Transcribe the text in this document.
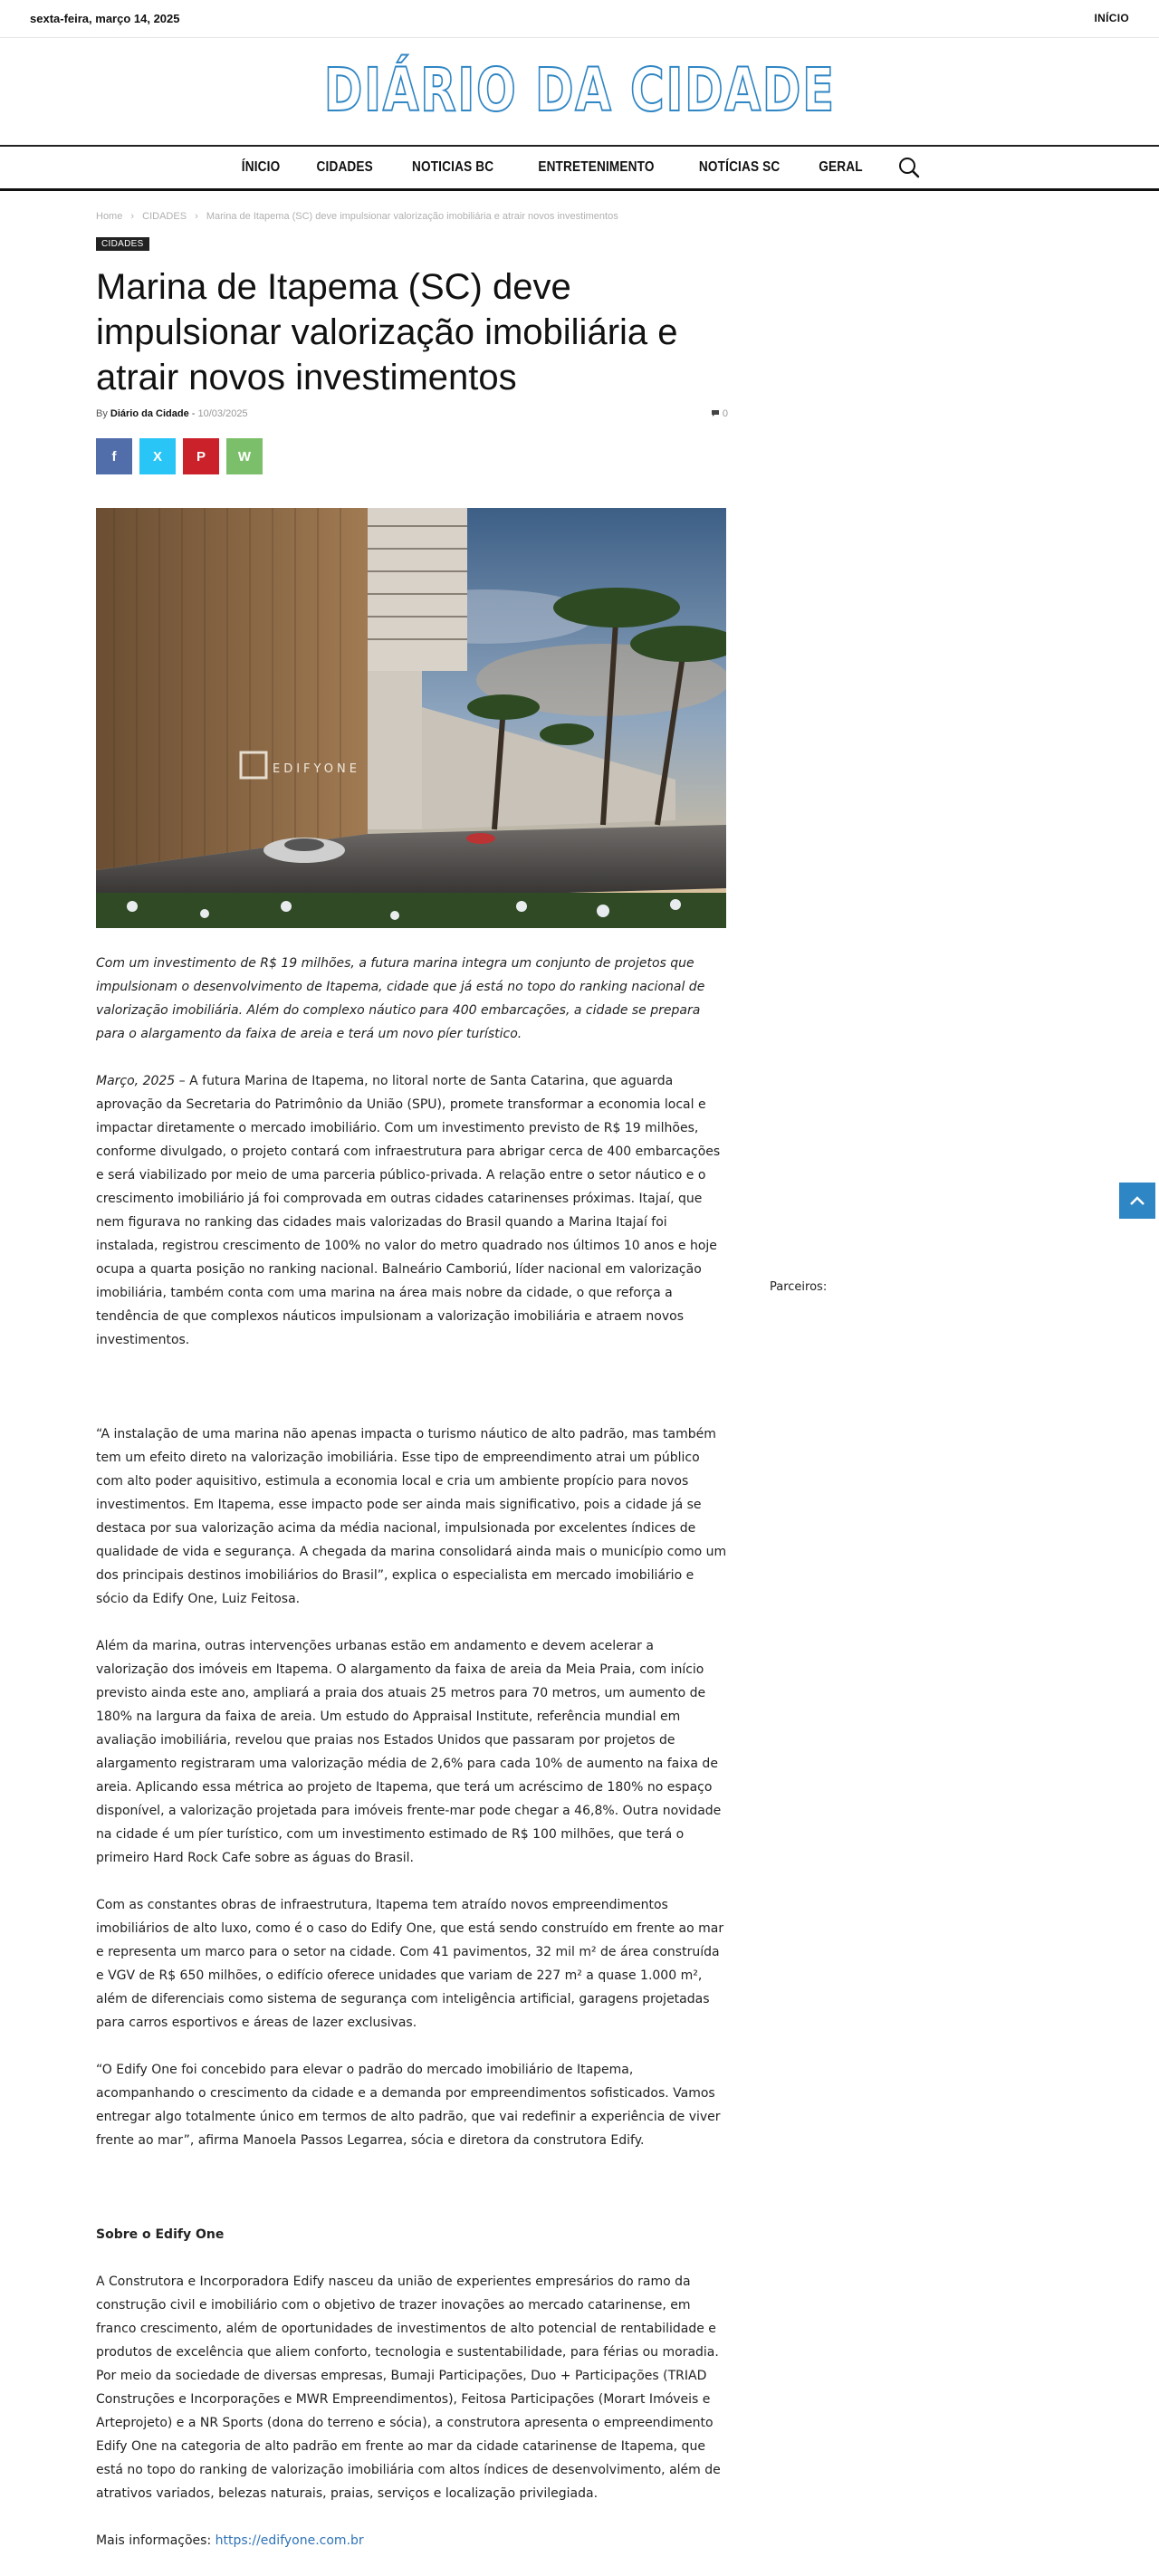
sexta-feira, março 14, 2025	INÍCIO
DIÁRIO DA CIDADE
ÍNICIO CIDADES	NOTICIAS BC	ENTRETENIMENTO	NOTÍCIAS SC	GERAL
Home › CIDADES › Marina de Itapema (SC) deve impulsionar valorização imobiliária e atrair novos investimentos
CIDADES
Marina de Itapema (SC) deve impulsionar valorização imobiliária e atrair novos investimentos
By Diário da Cidade - 10/03/2025	0
f	X	P W
EDIFYONE

Com um investimento de R$ 19 milhões, a futura marina integra um conjunto de projetos que impulsionam o desenvolvimento de Itapema, cidade que já está no topo do ranking nacional de valorização imobiliária. Além do complexo náutico para 400 embarcações, a cidade se prepara para o alargamento da faixa de areia e terá um novo píer turístico.

Março, 2025 – A futura Marina de Itapema, no litoral norte de Santa Catarina, que aguarda aprovação da Secretaria do Patrimônio da União (SPU), promete transformar a economia local e impactar diretamente o mercado imobiliário. Com um investimento previsto de R$ 19 milhões, conforme divulgado, o projeto contará com infraestrutura para abrigar cerca de 400 embarcações e será viabilizado por meio de uma parceria público-privada. A relação entre o setor náutico e o crescimento imobiliário já foi comprovada em outras cidades catarinenses próximas. Itajaí, que nem figurava no ranking das cidades mais valorizadas do Brasil quando a Marina Itajaí foi instalada, registrou crescimento de 100% no valor do metro quadrado nos últimos 10 anos e hoje ocupa a quarta posição no ranking nacional. Balneário Camboriú, líder nacional em valorização imobiliária, também conta com uma marina na área mais nobre da cidade, o que reforça a tendência de que complexos náuticos impulsionam a valorização imobiliária e atraem novos investimentos.

“A instalação de uma marina não apenas impacta o turismo náutico de alto padrão, mas também tem um efeito direto na valorização imobiliária. Esse tipo de empreendimento atrai um público com alto poder aquisitivo, estimula a economia local e cria um ambiente propício para novos investimentos. Em Itapema, esse impacto pode ser ainda mais significativo, pois a cidade já se destaca por sua valorização acima da média nacional, impulsionada por excelentes índices de qualidade de vida e segurança. A chegada da marina consolidará ainda mais o município como um dos principais destinos imobiliários do Brasil”, explica o especialista em mercado imobiliário e sócio da Edify One, Luiz Feitosa.

Além da marina, outras intervenções urbanas estão em andamento e devem acelerar a valorização dos imóveis em Itapema. O alargamento da faixa de areia da Meia Praia, com início previsto ainda este ano, ampliará a praia dos atuais 25 metros para 70 metros, um aumento de 180% na largura da faixa de areia. Um estudo do Appraisal Institute, referência mundial em avaliação imobiliária, revelou que praias nos Estados Unidos que passaram por projetos de alargamento registraram uma valorização média de 2,6% para cada 10% de aumento na faixa de areia. Aplicando essa métrica ao projeto de Itapema, que terá um acréscimo de 180% no espaço disponível, a valorização projetada para imóveis frente-mar pode chegar a 46,8%. Outra novidade na cidade é um píer turístico, com um investimento estimado de R$ 100 milhões, que terá o primeiro Hard Rock Cafe sobre as águas do Brasil.

Com as constantes obras de infraestrutura, Itapema tem atraído novos empreendimentos imobiliários de alto luxo, como é o caso do Edify One, que está sendo construído em frente ao mar e representa um marco para o setor na cidade. Com 41 pavimentos, 32 mil m² de área construída e VGV de R$ 650 milhões, o edifício oferece unidades que variam de 227 m² a quase 1.000 m², além de diferenciais como sistema de segurança com inteligência artificial, garagens projetadas para carros esportivos e áreas de lazer exclusivas.

“O Edify One foi concebido para elevar o padrão do mercado imobiliário de Itapema, acompanhando o crescimento da cidade e a demanda por empreendimentos sofisticados. Vamos entregar algo totalmente único em termos de alto padrão, que vai redefinir a experiência de viver frente ao mar”, afirma Manoela Passos Legarrea, sócia e diretora da construtora Edify.

Sobre o Edify One

A Construtora e Incorporadora Edify nasceu da união de experientes empresários do ramo da construção civil e imobiliário com o objetivo de trazer inovações ao mercado catarinense, em franco crescimento, além de oportunidades de investimentos de alto potencial de rentabilidade e produtos de excelência que aliem conforto, tecnologia e sustentabilidade, para férias ou moradia. Por meio da sociedade de diversas empresas, Bumaji Participações, Duo + Participações (TRIAD Construções e Incorporações e MWR Empreendimentos), Feitosa Participações (Morart Imóveis e Arteprojeto) e a NR Sports (dona do terreno e sócia), a construtora apresenta o empreendimento Edify One na categoria de alto padrão em frente ao mar da cidade catarinense de Itapema, que está no topo do ranking de valorização imobiliária com altos índices de desenvolvimento, além de atrativos variados, belezas naturais, praias, serviços e localização privilegiada.

Mais informações: https://edifyone.com.br

Parceiros:
